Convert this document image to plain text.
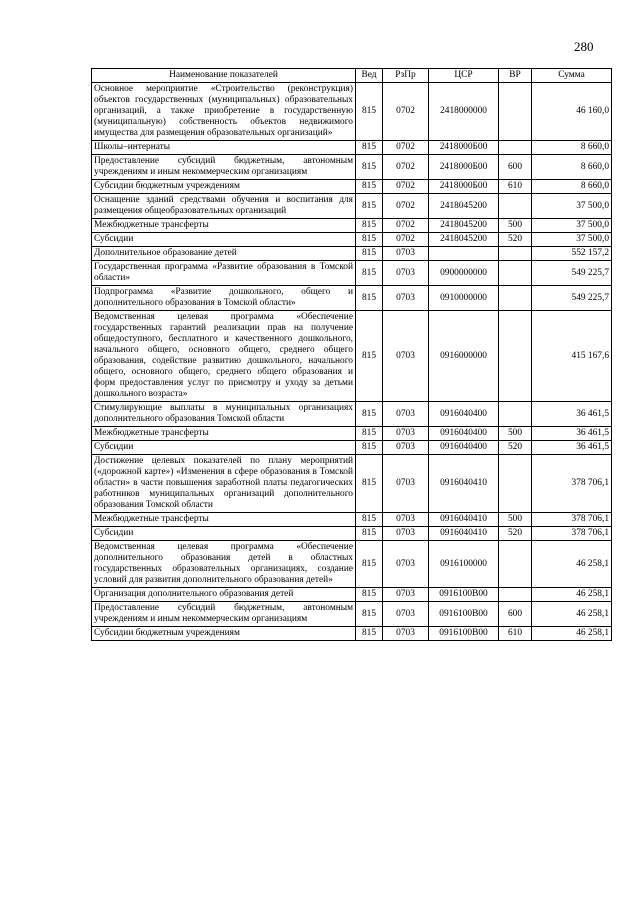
280
Наименование показателей	Вед	РзПр	ЦСР	ВР	Сумма
Основное мероприятие «Строительство (реконструкция) объектов государственных (муниципальных) образовательных организаций, а также приобретение в государственную (муниципальную) собственность объектов недвижимого имущества для размещения образовательных организаций»	815	0702	2418000000		46 160,0
Школы–интернаты	815	0702	2418000Б00		8 660,0
Предоставление субсидий бюджетным, автономным учреждениям и иным некоммерческим организациям	815	0702	2418000Б00	600	8 660,0
Субсидии бюджетным учреждениям	815	0702	2418000Б00	610	8 660,0
Оснащение зданий средствами обучения и воспитания для размещения общеобразовательных организаций	815	0702	2418045200		37 500,0
Межбюджетные трансферты	815	0702	2418045200	500	37 500,0
Субсидии	815	0702	2418045200	520	37 500,0
Дополнительное образование детей	815	0703			552 157,2
Государственная программа «Развитие образования в Томской области»	815	0703	0900000000		549 225,7
Подпрограмма «Развитие дошкольного, общего и дополнительного образования в Томской области»	815	0703	0910000000		549 225,7
Ведомственная целевая программа «Обеспечение государственных гарантий реализации прав на получение общедоступного, бесплатного и качественного дошкольного, начального общего, основного общего, среднего общего образования, содействие развитию дошкольного, начального общего, основного общего, среднего общего образования и форм предоставления услуг по присмотру и уходу за детьми дошкольного возраста»	815	0703	0916000000		415 167,6
Стимулирующие выплаты в муниципальных организациях дополнительного образования Томской области	815	0703	0916040400		36 461,5
Межбюджетные трансферты	815	0703	0916040400	500	36 461,5
Субсидии	815	0703	0916040400	520	36 461,5
Достижение целевых показателей по плану мероприятий («дорожной карте») «Изменения в сфере образования в Томской области» в части повышения заработной платы педагогических работников муниципальных организаций дополнительного образования Томской области	815	0703	0916040410		378 706,1
Межбюджетные трансферты	815	0703	0916040410	500	378 706,1
Субсидии	815	0703	0916040410	520	378 706,1
Ведомственная целевая программа «Обеспечение дополнительного образования детей в областных государственных образовательных организациях, создание условий для развития дополнительного образования детей»	815	0703	0916100000		46 258,1
Организация дополнительного образования детей	815	0703	0916100В00		46 258,1
Предоставление субсидий бюджетным, автономным учреждениям и иным некоммерческим организациям	815	0703	0916100В00	600	46 258,1
Субсидии бюджетным учреждениям	815	0703	0916100В00	610	46 258,1
